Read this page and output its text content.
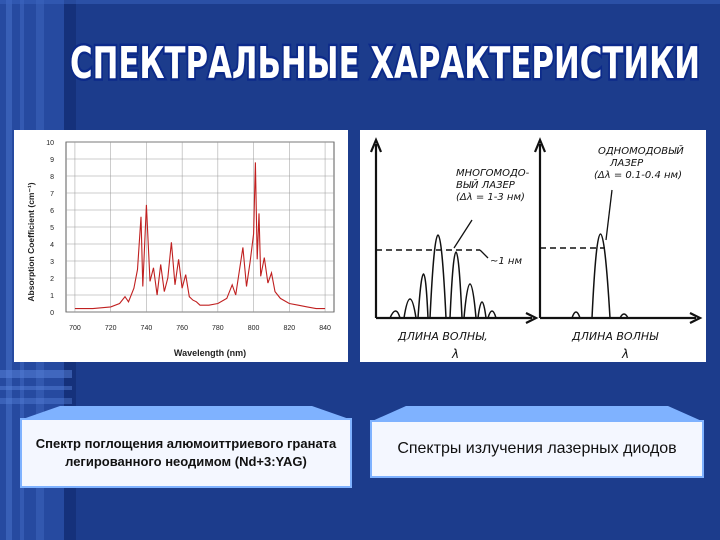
СПЕКТРАЛЬНЫЕ ХАРАКТЕРИСТИКИ
0
1
2
3
4
5
6
7
8
9
10
700	720	740	760	780	800	820	840
Absorption Coefficient (cm⁻¹)
Wavelength (nm)
МНОГОМОДО- ВЫЙ ЛАЗЕР (Δλ = 1-3 нм)
~1 нм
ОДНОМОДОВЫЙ ЛАЗЕР (Δλ = 0.1-0.4 нм)
ДЛИНА ВОЛНЫ,
λ
ДЛИНА ВОЛНЫ
λ
Спектр поглощения алюмоиттриевого граната легированного неодимом (Nd+3:YAG)
Спектры излучения лазерных диодов
